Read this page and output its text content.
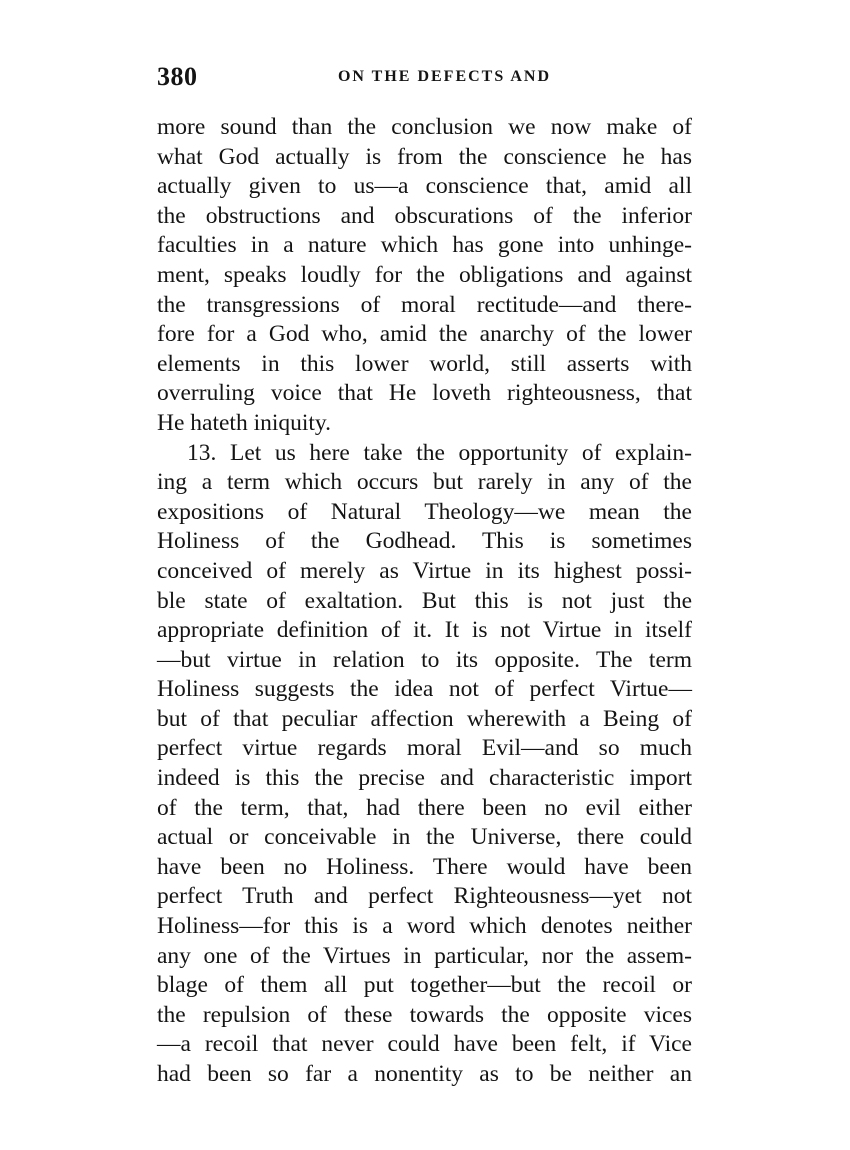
380	ON THE DEFECTS AND
more sound than the conclusion we now make of
what God actually is from the conscience he has
actually given to us—a conscience that, amid all
the obstructions and obscurations of the inferior
faculties in a nature which has gone into unhinge-
ment, speaks loudly for the obligations and against
the transgressions of moral rectitude—and there-
fore for a God who, amid the anarchy of the lower
elements in this lower world, still asserts with
overruling voice that He loveth righteousness, that
He hateth iniquity.
13. Let us here take the opportunity of explain-
ing a term which occurs but rarely in any of the
expositions of Natural Theology—we mean the
Holiness of the Godhead. This is sometimes
conceived of merely as Virtue in its highest possi-
ble state of exaltation. But this is not just the
appropriate definition of it. It is not Virtue in itself
—but virtue in relation to its opposite. The term
Holiness suggests the idea not of perfect Virtue—
but of that peculiar affection wherewith a Being of
perfect virtue regards moral Evil—and so much
indeed is this the precise and characteristic import
of the term, that, had there been no evil either
actual or conceivable in the Universe, there could
have been no Holiness. There would have been
perfect Truth and perfect Righteousness—yet not
Holiness—for this is a word which denotes neither
any one of the Virtues in particular, nor the assem-
blage of them all put together—but the recoil or
the repulsion of these towards the opposite vices
—a recoil that never could have been felt, if Vice
had been so far a nonentity as to be neither an
